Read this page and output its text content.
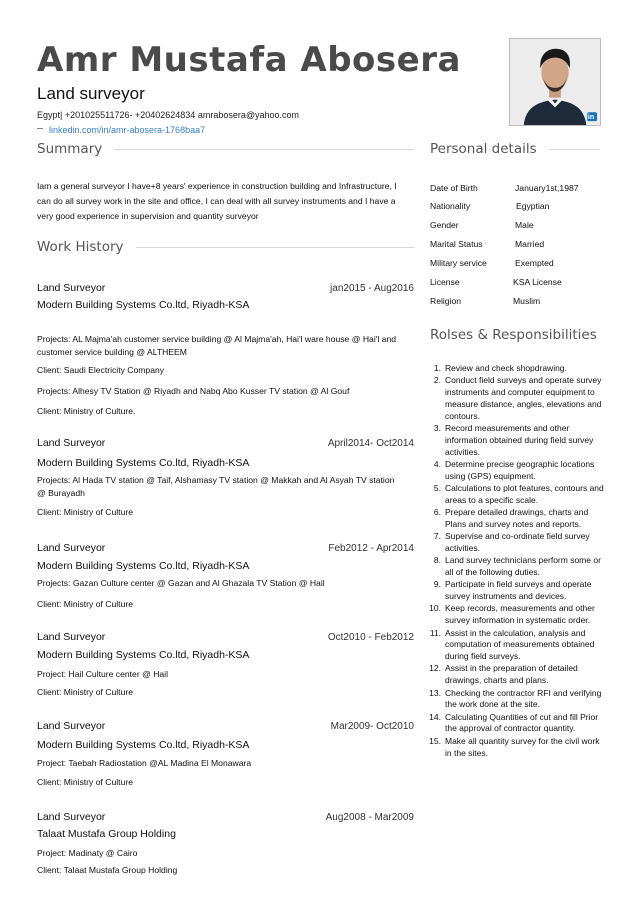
Amr Mustafa Abosera
Land surveyor
Egypt| +201025511726- +20402624834 amrabosera@yahoo.com
linkedin.com/in/amr-abosera-1768baa7
in
Summary	Personal details
Work History
Rolses & Responsibilities
Iam a general surveyor I have+8 years' experience in construction building and Infrastructure, I can do all survey work in the site and office, I can deal with all survey instruments and I have a very good experience in supervision and quantity surveyor
Land Surveyor	jan2015 - Aug2016
Modern Building Systems Co.ltd, Riyadh-KSA
Projects: AL Majma'ah customer service building @ Al Majma'ah, Hai'l ware house @ Hai'l and customer service building @ ALTHEEM
Client: Saudi Electricity Company
Projects: Alhesy TV Station @ Riyadh and Nabq Abo Kusser TV station @ Al Gouf
Client: Ministry of Culture.
Land Surveyor	April2014- Oct2014
Modern Building Systems Co.ltd, Riyadh-KSA
Projects: Al Hada TV station @ Taif, Alshamasy TV station @ Makkah and Al Asyah TV station @ Burayadh
Client: Ministry of Culture
Land Surveyor	Feb2012 - Apr2014
Modern Building Systems Co.ltd, Riyadh-KSA
Projects: Gazan Culture center @ Gazan and Al Ghazala TV Station @ Hail
Client: Ministry of Culture
Land Surveyor	Oct2010 - Feb2012
Modern Building Systems Co.ltd, Riyadh-KSA
Project: Hail Culture center @ Hail
Client: Ministry of Culture
Land Surveyor	Mar2009- Oct2010
Modern Building Systems Co.ltd, Riyadh-KSA
Project: Taebah Radiostation @AL Madina El Monawara
Client: Ministry of Culture
Land Surveyor	Aug2008 - Mar2009
Talaat Mustafa Group Holding
Project: Madinaty @ Cairo
Client: Talaat Mustafa Group Holding
Date of Birth	January1st,1987
Nationality	Egyptian
Gender	Male
Marital Status	Married
Military service	Exempted
License	KSA License
Religion	Muslim
1. Review and check shopdrawing.
2. Conduct field surveys and operate survey instruments and computer equipment to measure distance, angles, elevations and contours.
3. Record measurements and other information obtained during field survey activities.
4. Determine precise geographic locations using (GPS) equipment.
5. Calculations to plot features, contours and areas to a specific scale.
6. Prepare detailed drawings, charts and Plans and survey notes and reports.
7. Supervise and co-ordinate field survey activities.
8. Land survey technicians perform some or all of the following duties.
9. Participate in field surveys and operate survey instruments and devices.
10. Keep records, measurements and other survey information in systematic order.
11. Assist in the calculation, analysis and computation of measurements obtained during field surveys.
12. Assist in the preparation of detailed drawings, charts and plans.
13. Checking the contractor RFI and verifying the work done at the site.
14. Calculating Quantities of cut and fill Prior the approval of contractor quantity.
15. Make all quantity survey for the civil work in the sites.
